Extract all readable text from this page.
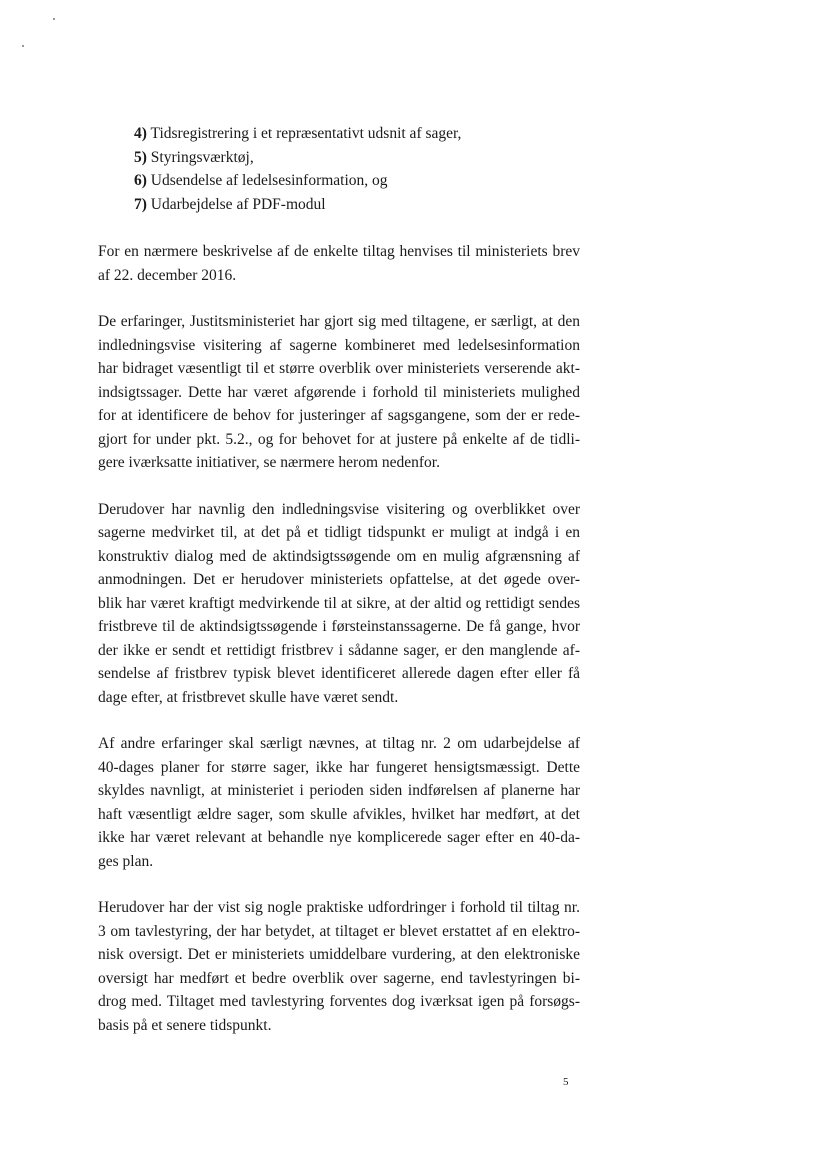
4) Tidsregistrering i et repræsentativt udsnit af sager,
5) Styringsværktøj,
6) Udsendelse af ledelsesinformation, og
7) Udarbejdelse af PDF-modul
For en nærmere beskrivelse af de enkelte tiltag henvises til ministeriets brev
af 22. december 2016.
De erfaringer, Justitsministeriet har gjort sig med tiltagene, er særligt, at den
indledningsvise visitering af sagerne kombineret med ledelsesinformation
har bidraget væsentligt til et større overblik over ministeriets verserende akt-
indsigtssager. Dette har været afgørende i forhold til ministeriets mulighed
for at identificere de behov for justeringer af sagsgangene, som der er rede-
gjort for under pkt. 5.2., og for behovet for at justere på enkelte af de tidli-
gere iværksatte initiativer, se nærmere herom nedenfor.
Derudover har navnlig den indledningsvise visitering og overblikket over
sagerne medvirket til, at det på et tidligt tidspunkt er muligt at indgå i en
konstruktiv dialog med de aktindsigtssøgende om en mulig afgrænsning af
anmodningen. Det er herudover ministeriets opfattelse, at det øgede over-
blik har været kraftigt medvirkende til at sikre, at der altid og rettidigt sendes
fristbreve til de aktindsigtssøgende i førsteinstanssagerne. De få gange, hvor
der ikke er sendt et rettidigt fristbrev i sådanne sager, er den manglende af-
sendelse af fristbrev typisk blevet identificeret allerede dagen efter eller få
dage efter, at fristbrevet skulle have været sendt.
Af andre erfaringer skal særligt nævnes, at tiltag nr. 2 om udarbejdelse af
40-dages planer for større sager, ikke har fungeret hensigtsmæssigt. Dette
skyldes navnligt, at ministeriet i perioden siden indførelsen af planerne har
haft væsentligt ældre sager, som skulle afvikles, hvilket har medført, at det
ikke har været relevant at behandle nye komplicerede sager efter en 40-da-
ges plan.
Herudover har der vist sig nogle praktiske udfordringer i forhold til tiltag nr.
3 om tavlestyring, der har betydet, at tiltaget er blevet erstattet af en elektro-
nisk oversigt. Det er ministeriets umiddelbare vurdering, at den elektroniske
oversigt har medført et bedre overblik over sagerne, end tavlestyringen bi-
drog med. Tiltaget med tavlestyring forventes dog iværksat igen på forsøgs-
basis på et senere tidspunkt.
5
